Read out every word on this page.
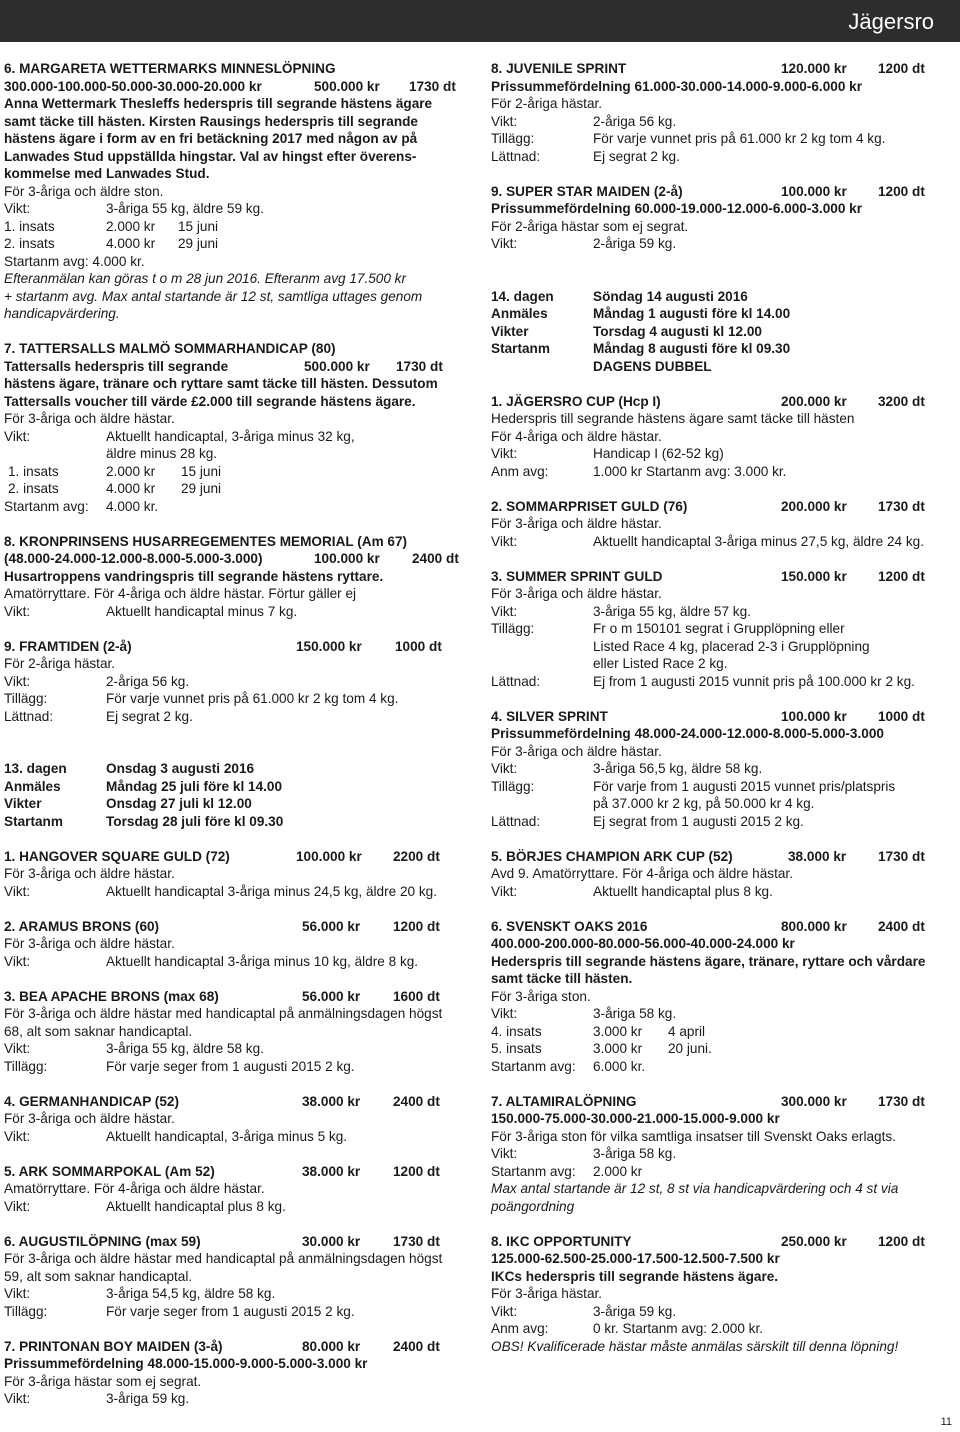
Jägersro
6. MARGARETA WETTERMARKS MINNESLÖPNING
300.000-100.000-50.000-30.000-20.000 kr	500.000 kr 1730 dt
Anna Wettermark Thesleffs hederspris till segrande hästens ägare
samt täcke till hästen. Kirsten Rausings hederspris till segrande
hästens ägare i form av en fri betäckning 2017 med någon av på
Lanwades Stud uppställda hingstar. Val av hingst efter överens-
kommelse med Lanwades Stud.
För 3-åriga och äldre ston.
Vikt:	3-åriga 55 kg, äldre 59 kg.
1. insats	2.000 kr 15 juni
2. insats	4.000 kr 29 juni
Startanm avg: 4.000 kr.
Efteranmälan kan göras t o m 28 jun 2016. Efteranm avg 17.500 kr
+ startanm avg. Max antal startande är 12 st, samtliga uttages genom
handicapvärdering.
7. TATTERSALLS MALMÖ SOMMARHANDICAP (80)
Tattersalls hederspris till segrande	500.000 kr 1730 dt
hästens ägare, tränare och ryttare samt täcke till hästen. Dessutom
Tattersalls voucher till värde £2.000 till segrande hästens ägare.
För 3-åriga och äldre hästar.
Vikt:	Aktuellt handicaptal, 3-åriga minus 32 kg,
äldre minus 28 kg.
1. insats	2.000 kr 15 juni
2. insats	4.000 kr 29 juni
Startanm avg: 4.000 kr.
8. KRONPRINSENS HUSARREGEMENTES MEMORIAL (Am 67)
(48.000-24.000-12.000-8.000-5.000-3.000)	100.000 kr 2400 dt
Husartroppens vandringspris till segrande hästens ryttare.
Amatörryttare. För 4-åriga och äldre hästar. Förtur gäller ej
Vikt:	Aktuellt handicaptal minus 7 kg.
9. FRAMTIDEN (2-å)	150.000 kr 1000 dt
För 2-åriga hästar.
Vikt:	2-åriga 56 kg.
Tillägg:	För varje vunnet pris på 61.000 kr 2 kg tom 4 kg.
Lättnad:	Ej segrat 2 kg.
13. dagen	Onsdag 3 augusti 2016
Anmäles	Måndag 25 juli före kl 14.00
Vikter	Onsdag 27 juli kl 12.00
Startanm	Torsdag 28 juli före kl 09.30
1. HANGOVER SQUARE GULD (72)	100.000 kr 2200 dt
För 3-åriga och äldre hästar.
Vikt:	Aktuellt handicaptal 3-åriga minus 24,5 kg, äldre 20 kg.
2. ARAMUS BRONS (60)	56.000 kr 1200 dt
För 3-åriga och äldre hästar.
Vikt:	Aktuellt handicaptal 3-åriga minus 10 kg, äldre 8 kg.
3. BEA APACHE BRONS (max 68)	56.000 kr 1600 dt
För 3-åriga och äldre hästar med handicaptal på anmälningsdagen högst
68, alt som saknar handicaptal.
Vikt:	3-åriga 55 kg, äldre 58 kg.
Tillägg:	För varje seger from 1 augusti 2015 2 kg.
4. GERMANHANDICAP (52)	38.000 kr 2400 dt
För 3-åriga och äldre hästar.
Vikt:	Aktuellt handicaptal, 3-åriga minus 5 kg.
5. ARK SOMMARPOKAL (Am 52)	38.000 kr 1200 dt
Amatörryttare. För 4-åriga och äldre hästar.
Vikt:	Aktuellt handicaptal plus 8 kg.
6. AUGUSTILÖPNING (max 59)	30.000 kr 1730 dt
För 3-åriga och äldre hästar med handicaptal på anmälningsdagen högst
59, alt som saknar handicaptal.
Vikt:	3-åriga 54,5 kg, äldre 58 kg.
Tillägg:	För varje seger from 1 augusti 2015 2 kg.
7. PRINTONAN BOY MAIDEN (3-å)	80.000 kr 2400 dt
Prissummefördelning 48.000-15.000-9.000-5.000-3.000 kr
För 3-åriga hästar som ej segrat.
Vikt:	3-åriga 59 kg.
8. JUVENILE SPRINT	120.000 kr 1200 dt
Prissummefördelning 61.000-30.000-14.000-9.000-6.000 kr
För 2-åriga hästar.
Vikt:	2-åriga 56 kg.
Tillägg:	För varje vunnet pris på 61.000 kr 2 kg tom 4 kg.
Lättnad:	Ej segrat 2 kg.
9. SUPER STAR MAIDEN (2-å)	100.000 kr 1200 dt
Prissummefördelning 60.000-19.000-12.000-6.000-3.000 kr
För 2-åriga hästar som ej segrat.
Vikt:	2-åriga 59 kg.
14. dagen	Söndag 14 augusti 2016
Anmäles	Måndag 1 augusti före kl 14.00
Vikter	Torsdag 4 augusti kl 12.00
Startanm	Måndag 8 augusti före kl 09.30
DAGENS DUBBEL
1. JÄGERSRO CUP (Hcp I)	200.000 kr 3200 dt
Hederspris till segrande hästens ägare samt täcke till hästen
För 4-åriga och äldre hästar.
Vikt:	Handicap I (62-52 kg)
Anm avg:	1.000 kr Startanm avg: 3.000 kr.
2. SOMMARPRISET GULD (76)	200.000 kr 1730 dt
För 3-åriga och äldre hästar.
Vikt:	Aktuellt handicaptal 3-åriga minus 27,5 kg, äldre 24 kg.
3. SUMMER SPRINT GULD	150.000 kr 1200 dt
För 3-åriga och äldre hästar.
Vikt:	3-åriga 55 kg, äldre 57 kg.
Tillägg:	Fr o m 150101 segrat i Grupplöpning eller
Listed Race 4 kg, placerad 2-3 i Grupplöpning
eller Listed Race 2 kg.
Lättnad:	Ej from 1 augusti 2015 vunnit pris på 100.000 kr 2 kg.
4. SILVER SPRINT	100.000 kr 1000 dt
Prissummefördelning 48.000-24.000-12.000-8.000-5.000-3.000
För 3-åriga och äldre hästar.
Vikt:	3-åriga 56,5 kg, äldre 58 kg.
Tillägg:	För varje from 1 augusti 2015 vunnet pris/platspris
på 37.000 kr 2 kg, på 50.000 kr 4 kg.
Lättnad:	Ej segrat from 1 augusti 2015 2 kg.
5. BÖRJES CHAMPION ARK CUP (52)	38.000 kr 1730 dt
Avd 9. Amatörryttare. För 4-åriga och äldre hästar.
Vikt:	Aktuellt handicaptal plus 8 kg.
6. SVENSKT OAKS 2016	800.000 kr 2400 dt
400.000-200.000-80.000-56.000-40.000-24.000 kr
Hederspris till segrande hästens ägare, tränare, ryttare och vårdare
samt täcke till hästen.
För 3-åriga ston.
Vikt:	3-åriga 58 kg.
4. insats	3.000 kr 4 april
5. insats	3.000 kr 20 juni.
Startanm avg: 6.000 kr.
7. ALTAMIRALÖPNING	300.000 kr 1730 dt
150.000-75.000-30.000-21.000-15.000-9.000 kr
För 3-åriga ston för vilka samtliga insatser till Svenskt Oaks erlagts.
Vikt:	3-åriga 58 kg.
Startanm avg: 2.000 kr
Max antal startande är 12 st, 8 st via handicapvärdering och 4 st via
poängordning
8. IKC OPPORTUNITY	250.000 kr 1200 dt
125.000-62.500-25.000-17.500-12.500-7.500 kr
IKCs hederspris till segrande hästens ägare.
För 3-åriga hästar.
Vikt:	3-åriga 59 kg.
Anm avg:	0 kr. Startanm avg: 2.000 kr.
OBS! Kvalificerade hästar måste anmälas särskilt till denna löpning!
11
